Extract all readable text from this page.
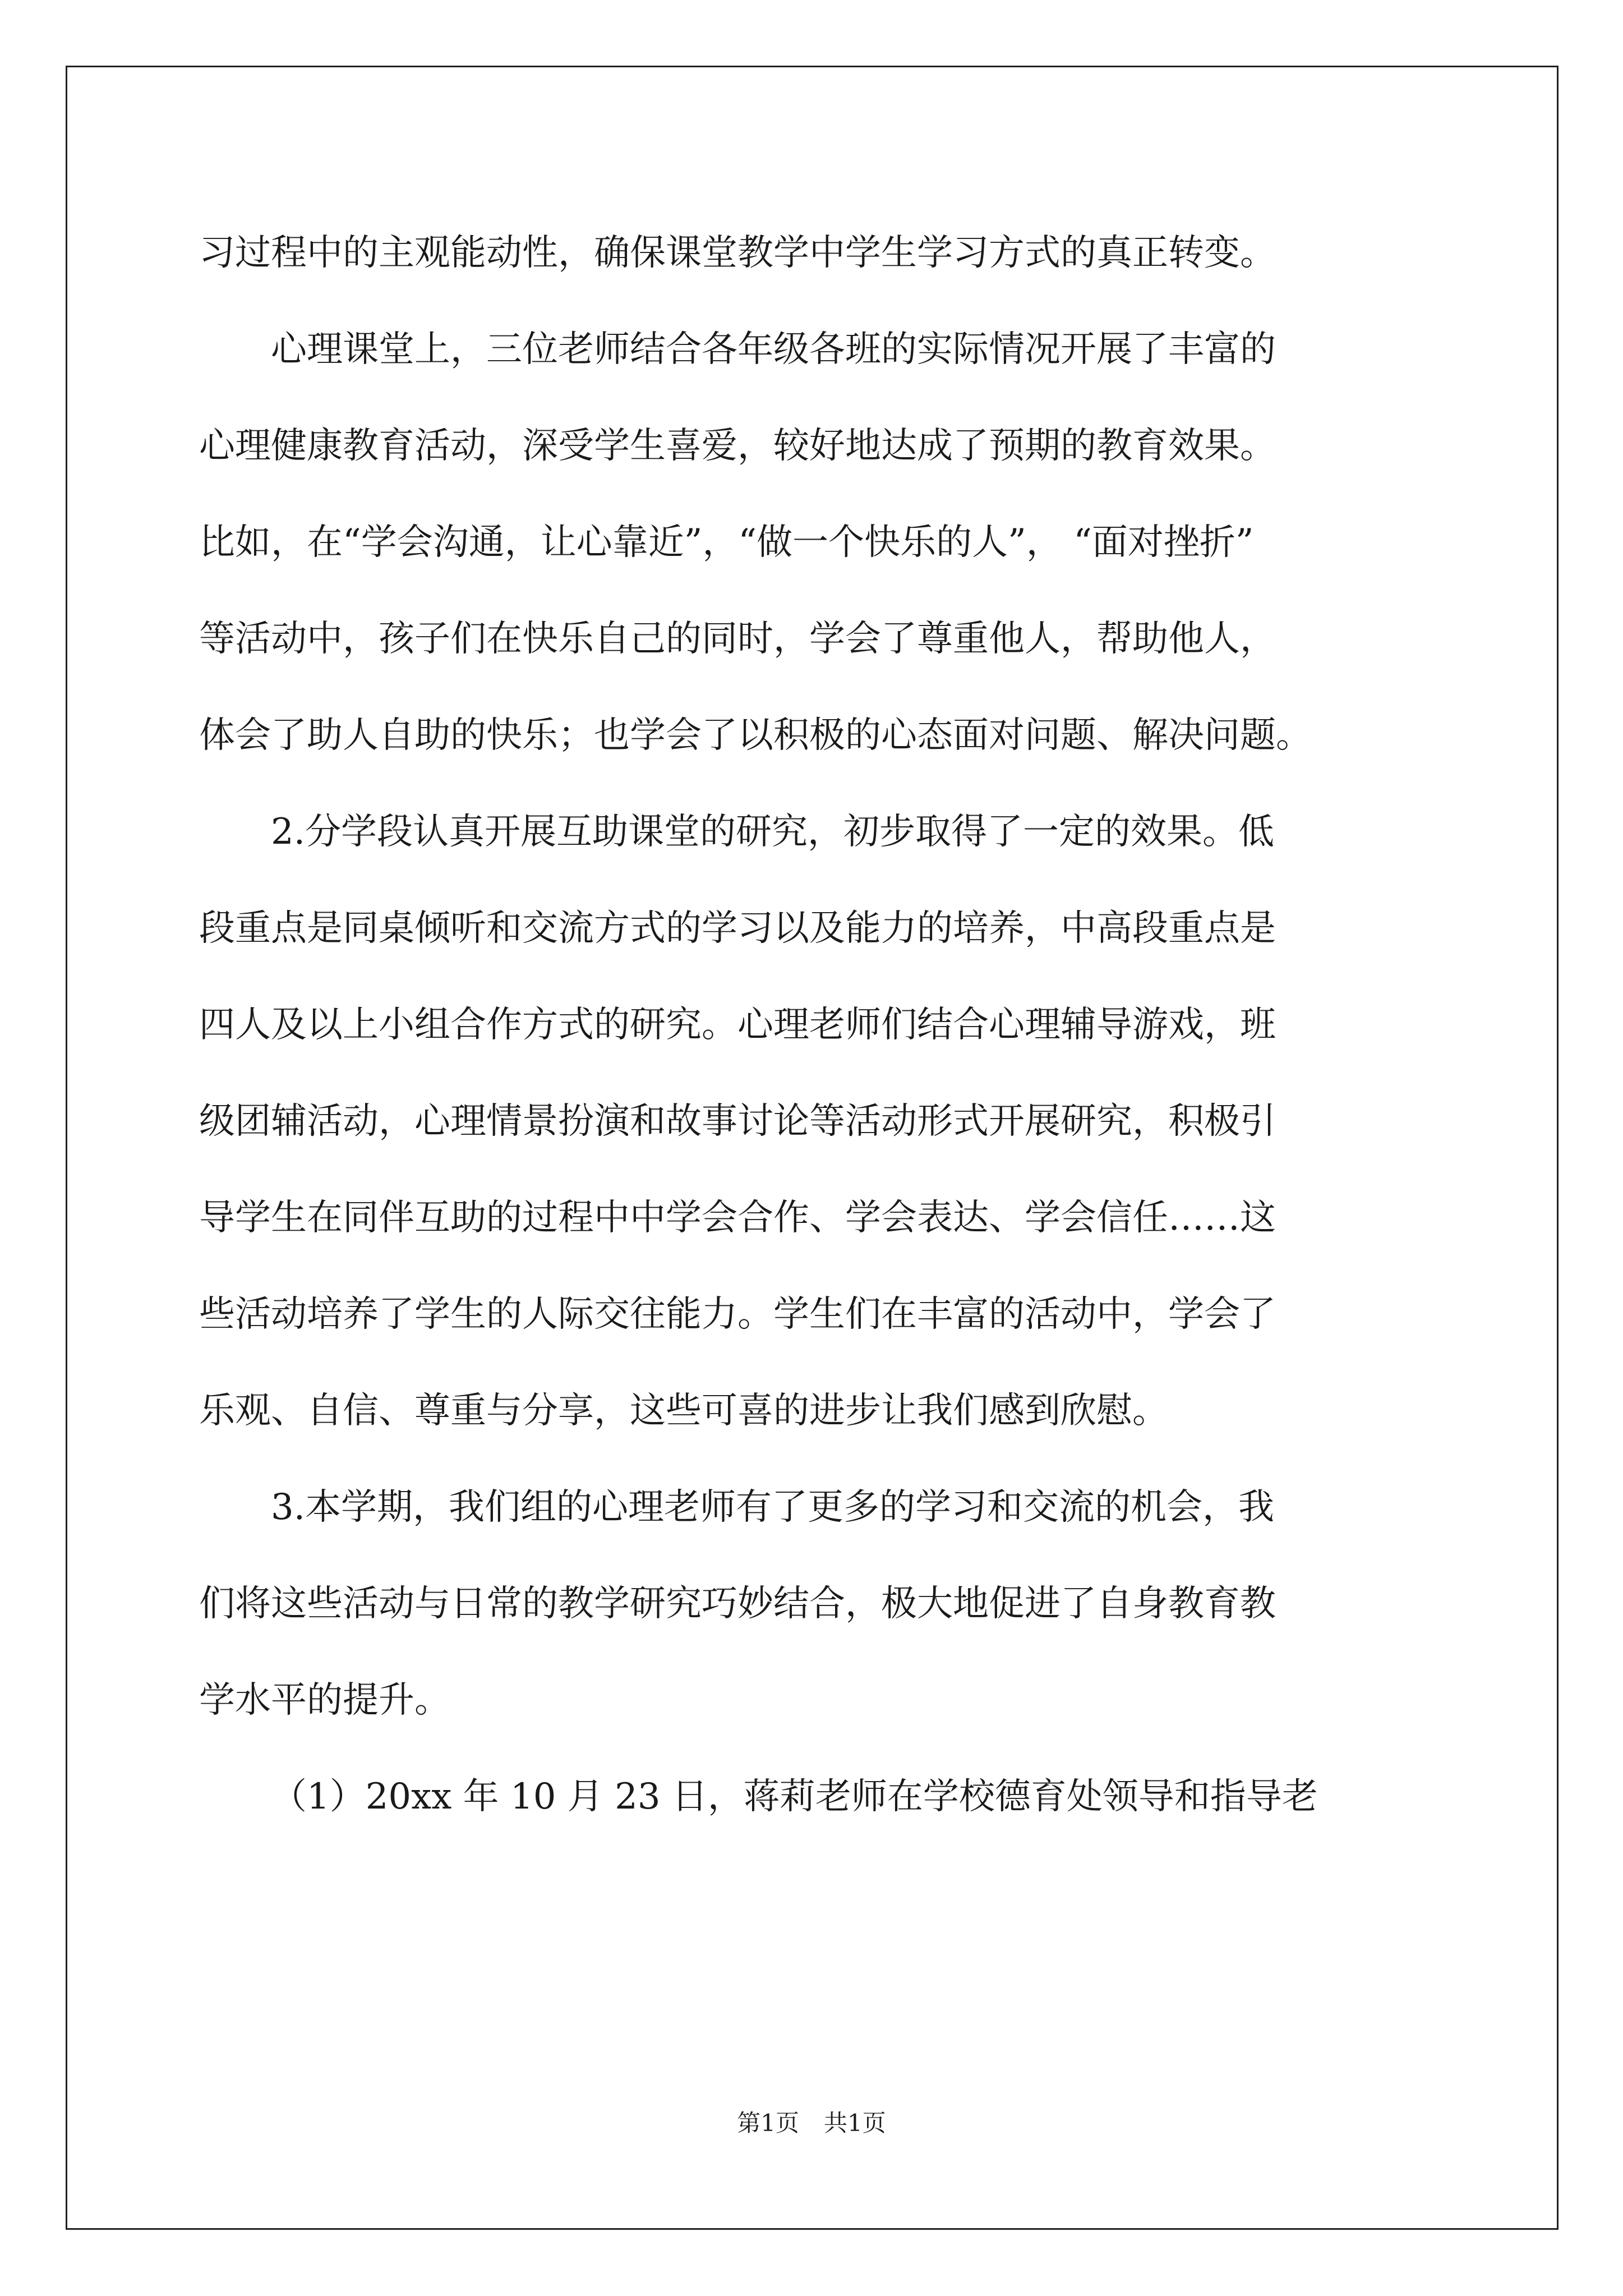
习过程中的主观能动性，确保课堂教学中学生学习方式的真正转变。
心理课堂上，三位老师结合各年级各班的实际情况开展了丰富的
心理健康教育活动，深受学生喜爱，较好地达成了预期的教育效果。
比如，在“学会沟通，让心靠近”，“做一个快乐的人”， “面对挫折”
等活动中，孩子们在快乐自己的同时，学会了尊重他人，帮助他人，
体会了助人自助的快乐；也学会了以积极的心态面对问题、解决问题。
2.分学段认真开展互助课堂的研究，初步取得了一定的效果。低
段重点是同桌倾听和交流方式的学习以及能力的培养，中高段重点是
四人及以上小组合作方式的研究。心理老师们结合心理辅导游戏，班
级团辅活动，心理情景扮演和故事讨论等活动形式开展研究，积极引
导学生在同伴互助的过程中中学会合作、学会表达、学会信任……这
些活动培养了学生的人际交往能力。学生们在丰富的活动中，学会了
乐观、自信、尊重与分享，这些可喜的进步让我们感到欣慰。
3.本学期，我们组的心理老师有了更多的学习和交流的机会，我
们将这些活动与日常的教学研究巧妙结合，极大地促进了自身教育教
学水平的提升。
（1）20xx 年 10 月 23 日，蒋莉老师在学校德育处领导和指导老
第1页 共1页
